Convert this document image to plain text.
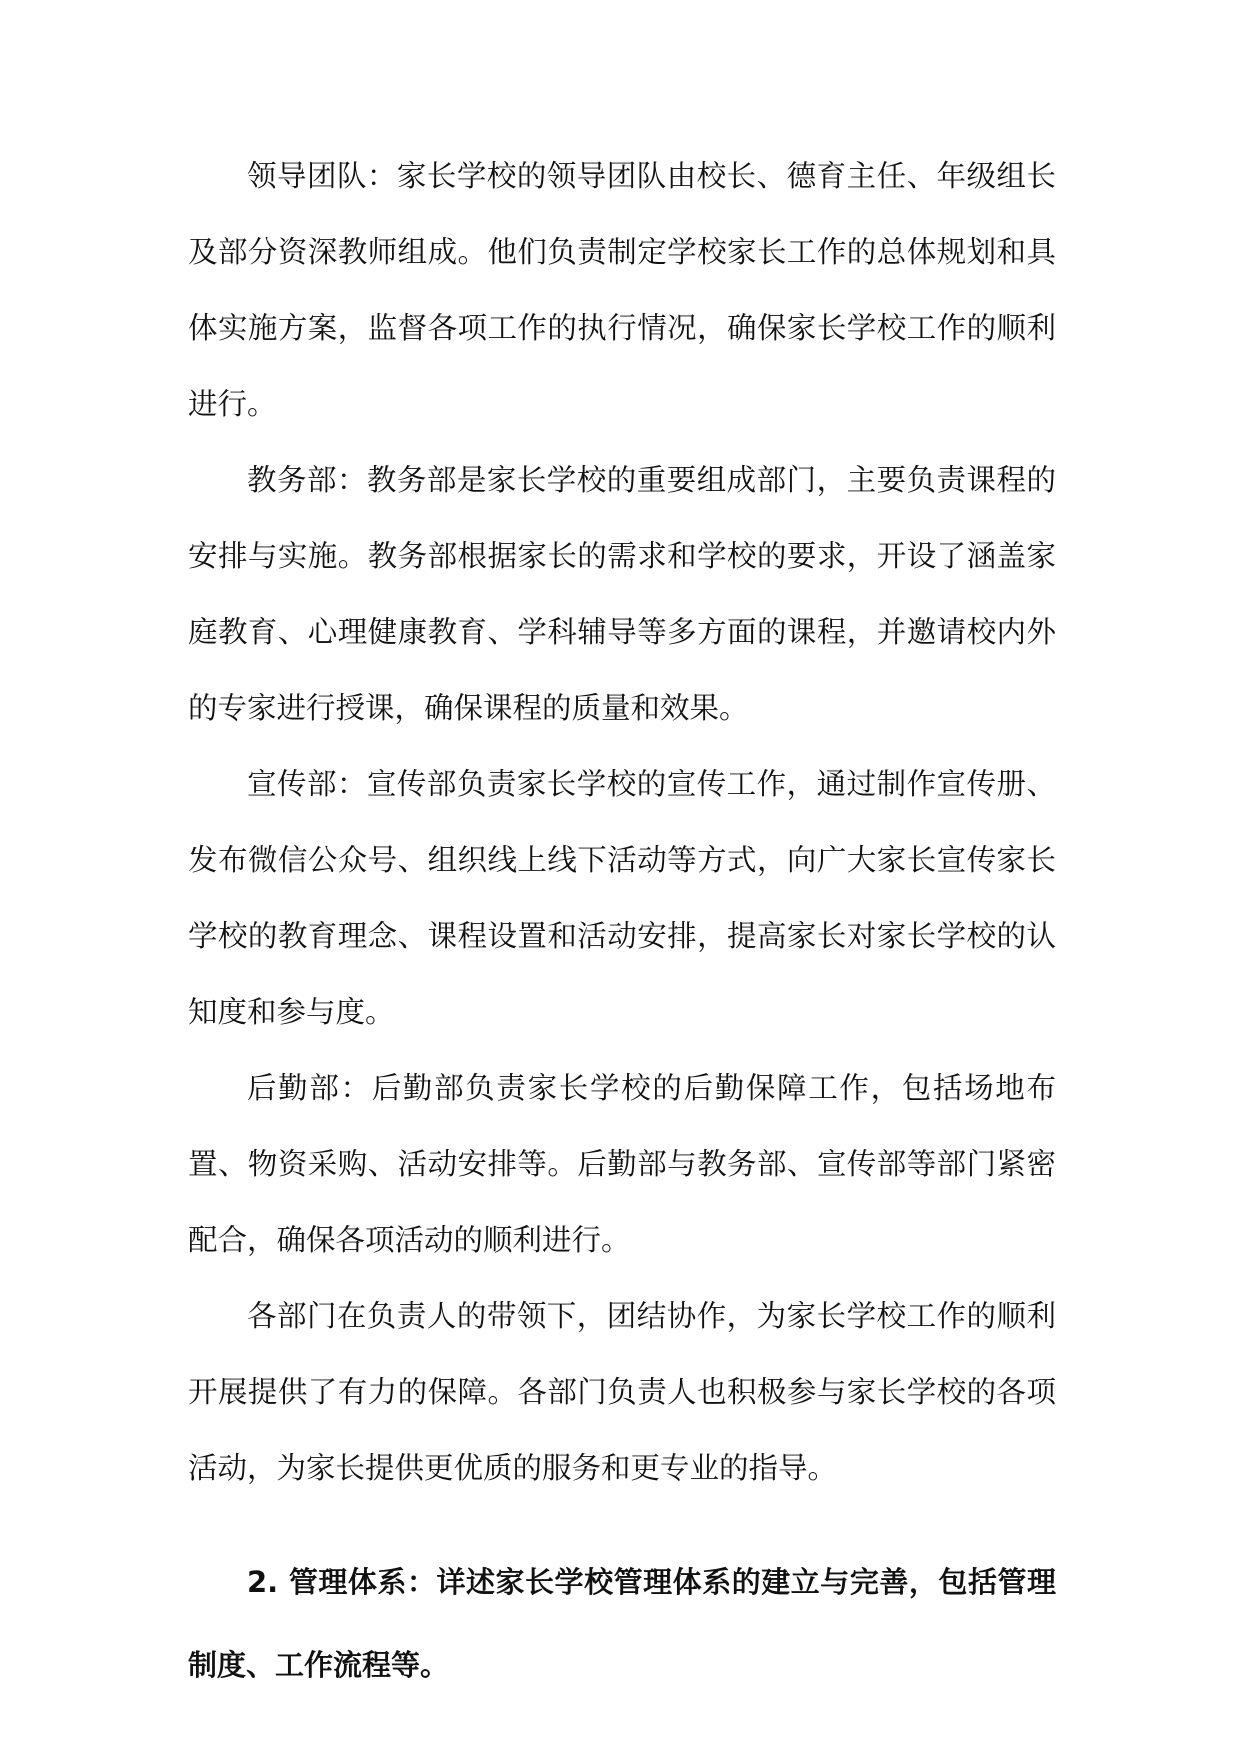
领导团队：家长学校的领导团队由校长、德育主任、年级组长及部分资深教师组成。他们负责制定学校家长工作的总体规划和具体实施方案，监督各项工作的执行情况，确保家长学校工作的顺利进行。

教务部：教务部是家长学校的重要组成部门，主要负责课程的安排与实施。教务部根据家长的需求和学校的要求，开设了涵盖家庭教育、心理健康教育、学科辅导等多方面的课程，并邀请校内外的专家进行授课，确保课程的质量和效果。

宣传部：宣传部负责家长学校的宣传工作，通过制作宣传册、发布微信公众号、组织线上线下活动等方式，向广大家长宣传家长学校的教育理念、课程设置和活动安排，提高家长对家长学校的认知度和参与度。

后勤部：后勤部负责家长学校的后勤保障工作，包括场地布置、物资采购、活动安排等。后勤部与教务部、宣传部等部门紧密配合，确保各项活动的顺利进行。

各部门在负责人的带领下，团结协作，为家长学校工作的顺利开展提供了有力的保障。各部门负责人也积极参与家长学校的各项活动，为家长提供更优质的服务和更专业的指导。

2. 管理体系：详述家长学校管理体系的建立与完善，包括管理制度、工作流程等。
